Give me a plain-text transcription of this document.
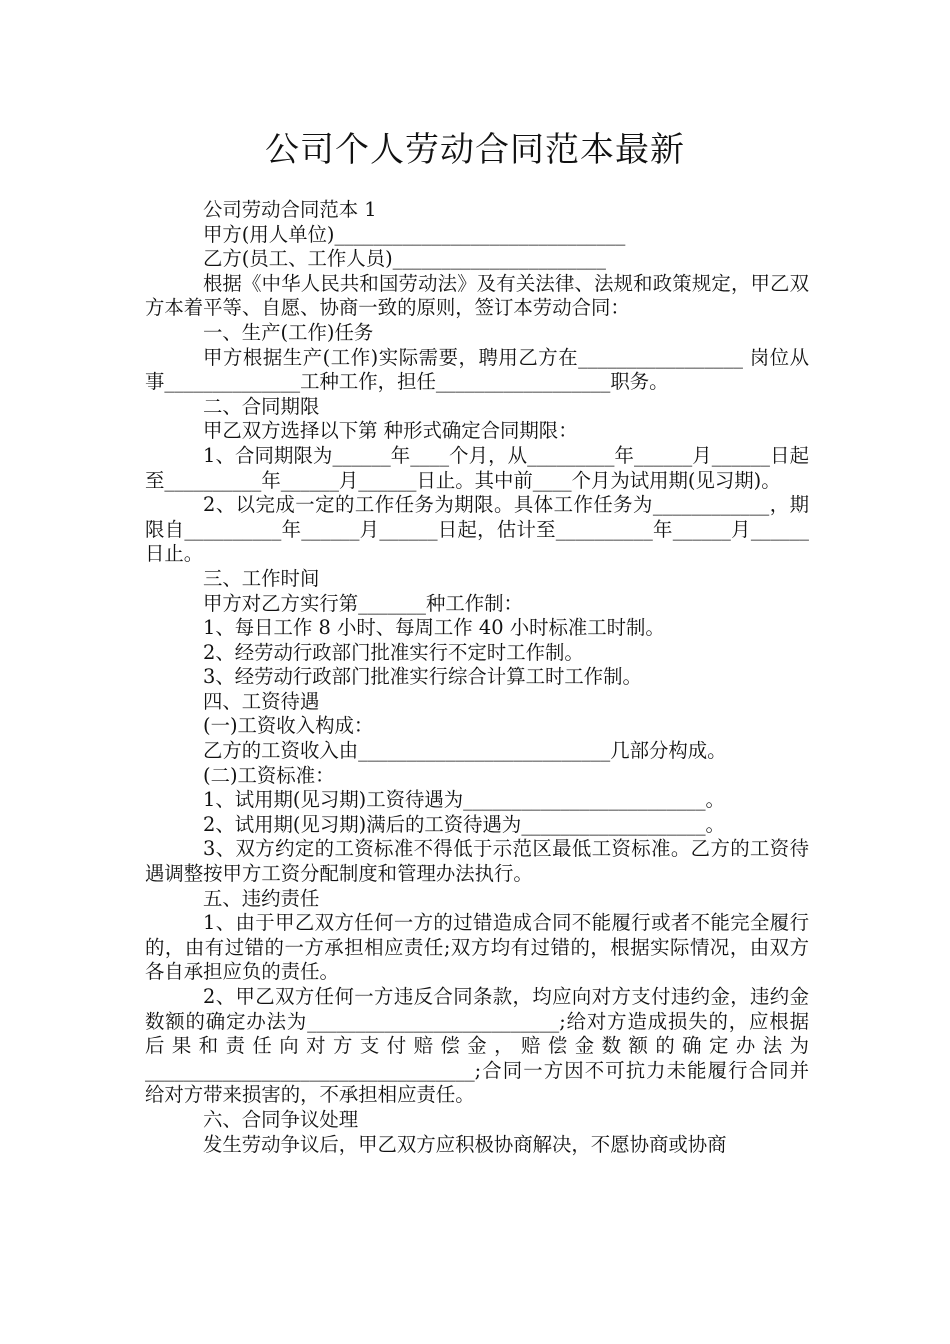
公司个人劳动合同范本最新

公司劳动合同范本 1

甲方(用人单位)______________________________

乙方(员工、工作人员)______________________

根据《中华人民共和国劳动法》及有关法律、法规和政策规定，甲乙双方本着平等、自愿、协商一致的原则，签订本劳动合同：

一、生产(工作)任务

甲方根据生产(工作)实际需要，聘用乙方在_________________ 岗位从事______________工种工作，担任__________________职务。

二、合同期限

甲乙双方选择以下第 种形式确定合同期限：

1、合同期限为______年____个月，从_________年______月______日起至__________年______月______日止。其中前____个月为试用期(见习期)。

2、以完成一定的工作任务为期限。具体工作任务为____________，期限自__________年______月______日起，估计至__________年______月______日止。

三、工作时间

甲方对乙方实行第_______种工作制：

1、每日工作 8 小时、每周工作 40 小时标准工时制。

2、经劳动行政部门批准实行不定时工作制。

3、经劳动行政部门批准实行综合计算工时工作制。

四、工资待遇

(一)工资收入构成：

乙方的工资收入由__________________________几部分构成。

(二)工资标准：

1、试用期(见习期)工资待遇为_________________________。

2、试用期(见习期)满后的工资待遇为___________________。

3、双方约定的工资标准不得低于示范区最低工资标准。乙方的工资待遇调整按甲方工资分配制度和管理办法执行。

五、违约责任

1、由于甲乙双方任何一方的过错造成合同不能履行或者不能完全履行的，由有过错的一方承担相应责任;双方均有过错的，根据实际情况，由双方各自承担应负的责任。

2、甲乙双方任何一方违反合同条款，均应向对方支付违约金，违约金数额的确定办法为__________________________;给对方造成损失的，应根据后果和责任向对方支付赔偿金，赔偿金数额的确定办法为__________________________________;合同一方因不可抗力未能履行合同并给对方带来损害的，不承担相应责任。

六、合同争议处理

发生劳动争议后，甲乙双方应积极协商解决，不愿协商或协商
